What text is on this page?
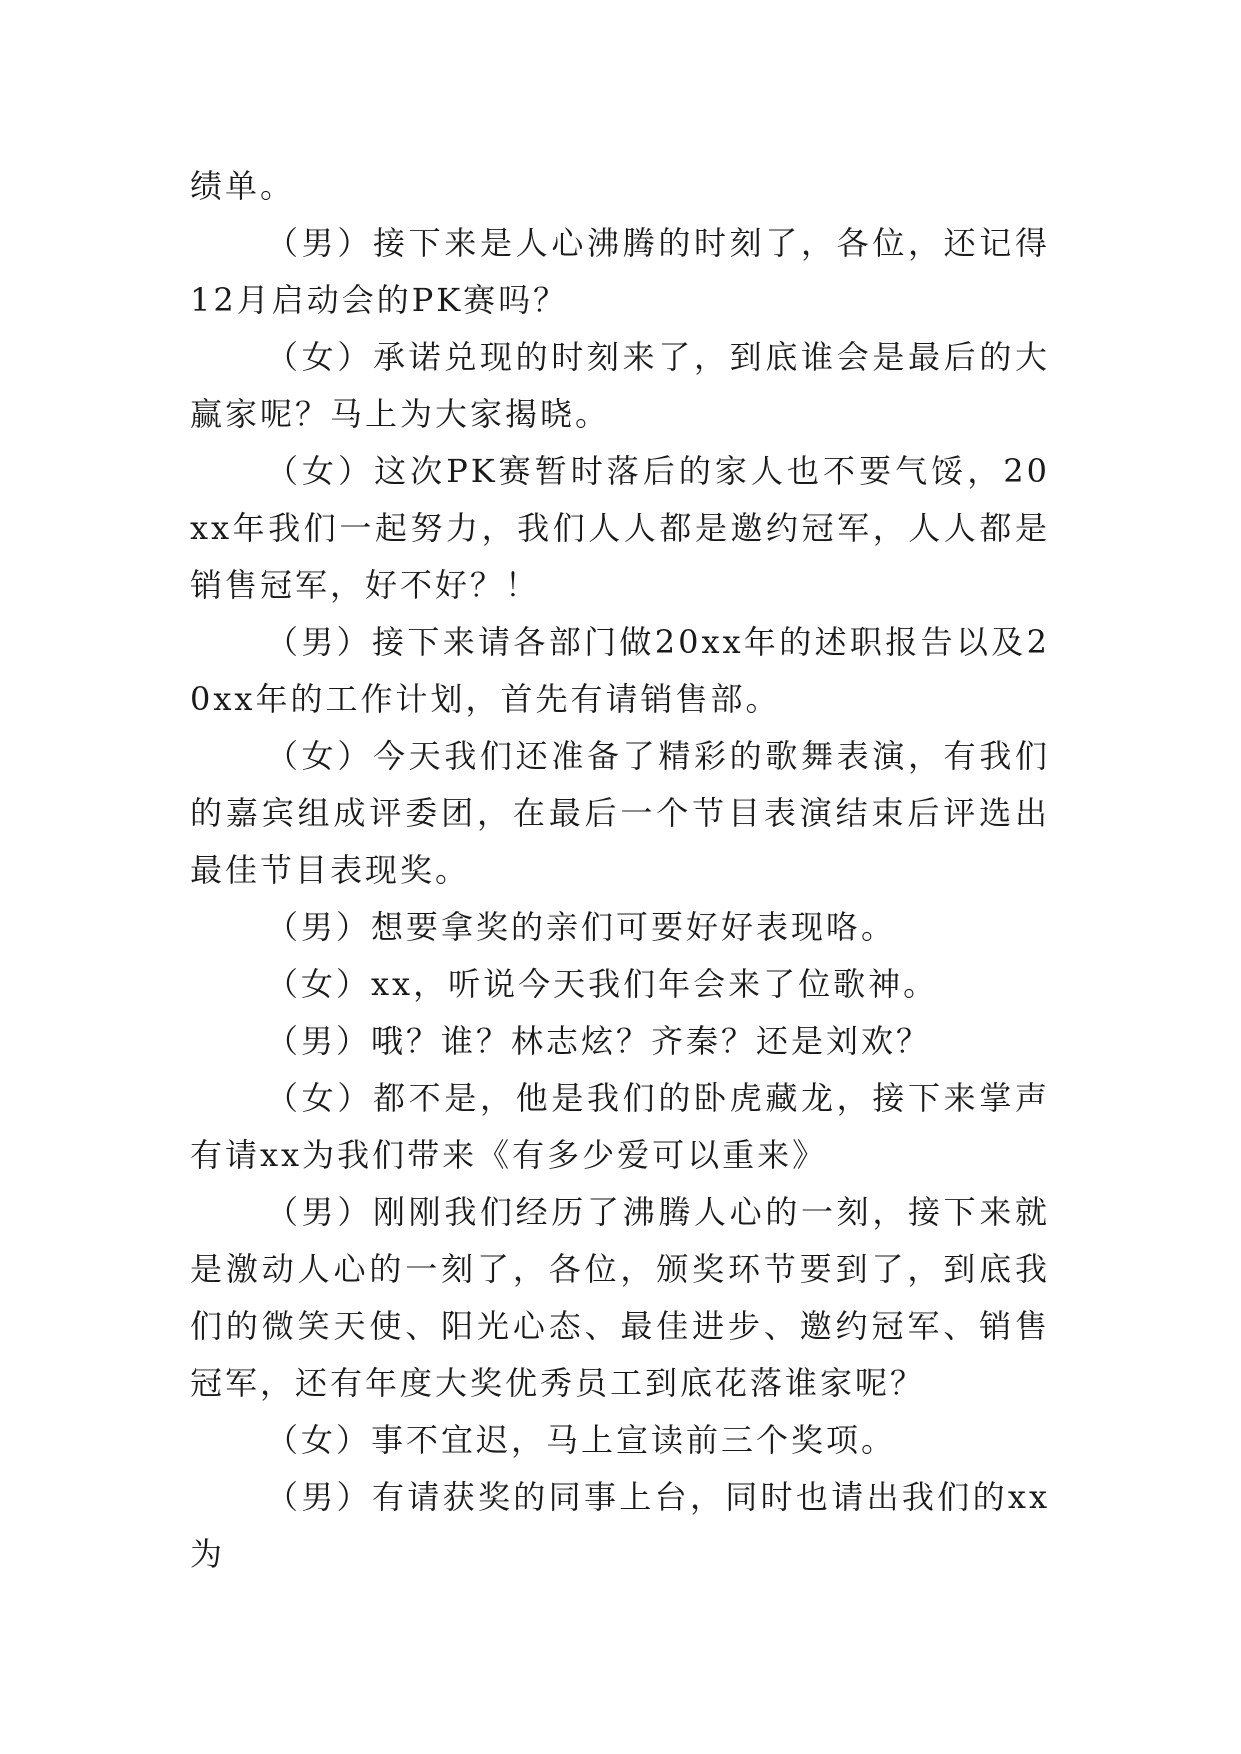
绩单。

（男）接下来是人心沸腾的时刻了，各位，还记得12月启动会的PK赛吗？

（女）承诺兑现的时刻来了，到底谁会是最后的大赢家呢？马上为大家揭晓。

（女）这次PK赛暂时落后的家人也不要气馁，20xx年我们一起努力，我们人人都是邀约冠军，人人都是销售冠军，好不好？！

（男）接下来请各部门做20xx年的述职报告以及20xx年的工作计划，首先有请销售部。

（女）今天我们还准备了精彩的歌舞表演，有我们的嘉宾组成评委团，在最后一个节目表演结束后评选出最佳节目表现奖。

（男）想要拿奖的亲们可要好好表现咯。

（女）xx，听说今天我们年会来了位歌神。

（男）哦？谁？林志炫？齐秦？还是刘欢？

（女）都不是，他是我们的卧虎藏龙，接下来掌声有请xx为我们带来《有多少爱可以重来》

（男）刚刚我们经历了沸腾人心的一刻，接下来就是激动人心的一刻了，各位，颁奖环节要到了，到底我们的微笑天使、阳光心态、最佳进步、邀约冠军、销售冠军，还有年度大奖优秀员工到底花落谁家呢？

（女）事不宜迟，马上宣读前三个奖项。

（男）有请获奖的同事上台，同时也请出我们的xx为
